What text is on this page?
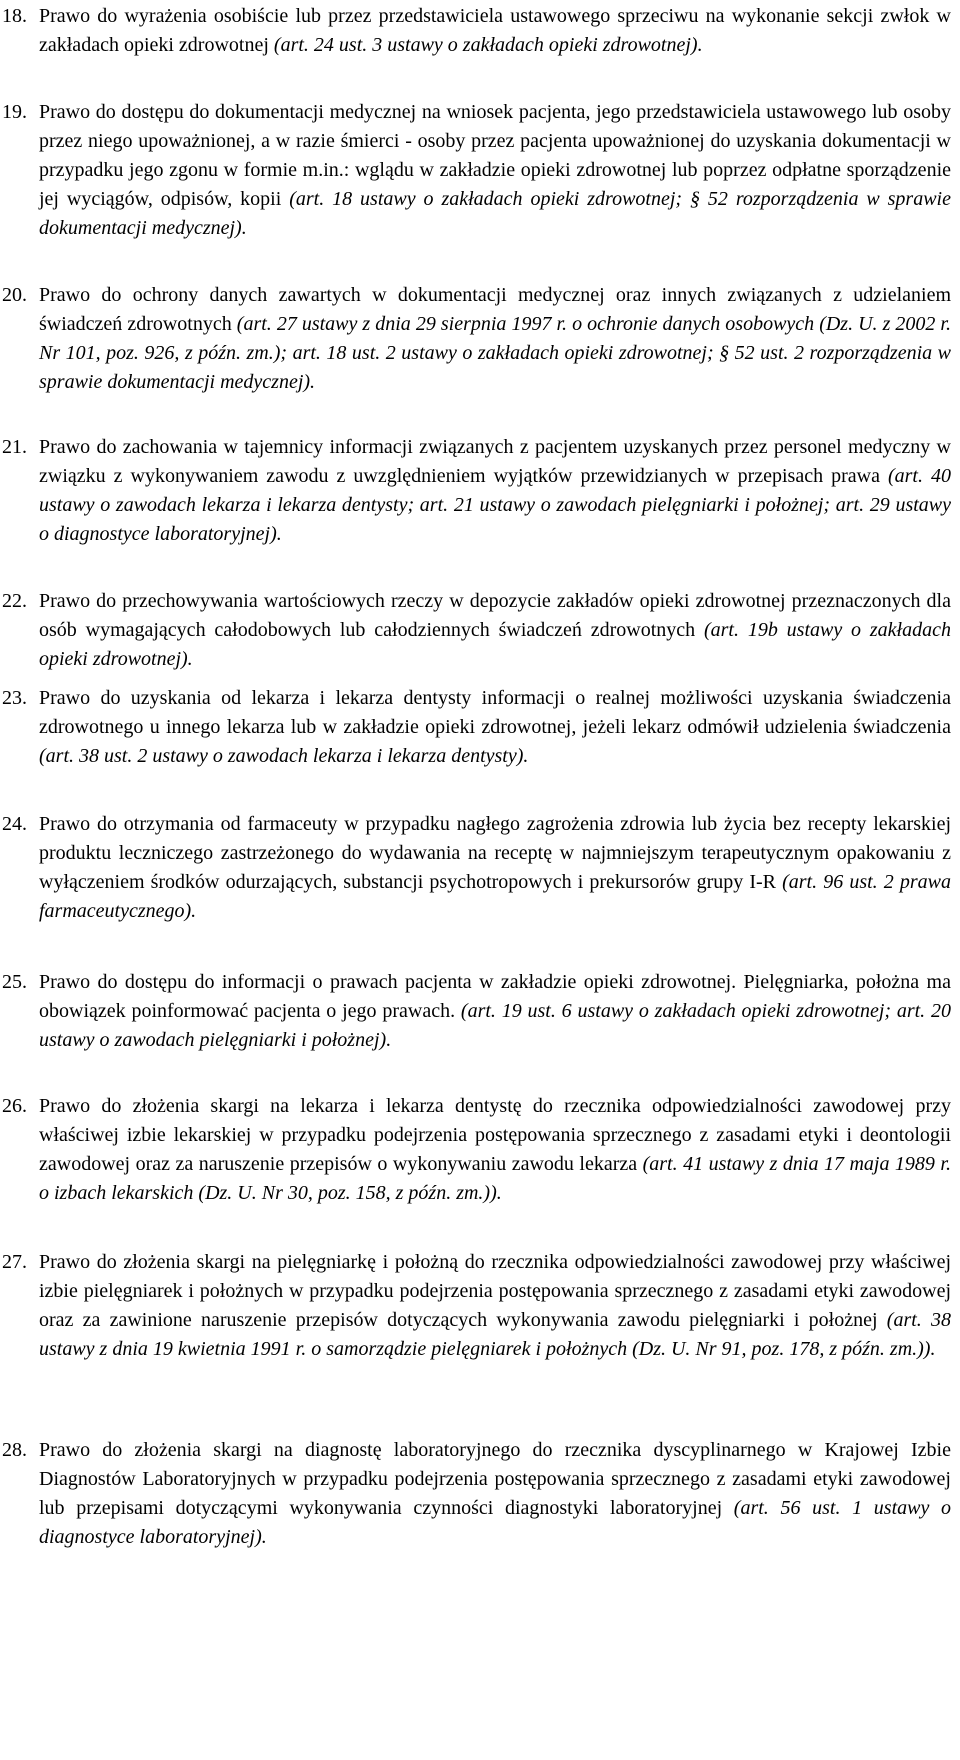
18. Prawo do wyrażenia osobiście lub przez przedstawiciela ustawowego sprzeciwu na wykonanie sekcji zwłok w zakładach opieki zdrowotnej (art. 24 ust. 3 ustawy o zakładach opieki zdrowotnej).
19. Prawo do dostępu do dokumentacji medycznej na wniosek pacjenta, jego przedstawiciela ustawowego lub osoby przez niego upoważnionej, a w razie śmierci - osoby przez pacjenta upoważnionej do uzyskania dokumentacji w przypadku jego zgonu w formie m.in.: wglądu w zakładzie opieki zdrowotnej lub poprzez odpłatne sporządzenie jej wyciągów, odpisów, kopii (art. 18 ustawy o zakładach opieki zdrowotnej; § 52 rozporządzenia w sprawie dokumentacji medycznej).
20. Prawo do ochrony danych zawartych w dokumentacji medycznej oraz innych związanych z udzielaniem świadczeń zdrowotnych (art. 27 ustawy z dnia 29 sierpnia 1997 r. o ochronie danych osobowych (Dz. U. z 2002 r. Nr 101, poz. 926, z późn. zm.); art. 18 ust. 2 ustawy o zakładach opieki zdrowotnej; § 52 ust. 2 rozporządzenia w sprawie dokumentacji medycznej).
21. Prawo do zachowania w tajemnicy informacji związanych z pacjentem uzyskanych przez personel medyczny w związku z wykonywaniem zawodu z uwzględnieniem wyjątków przewidzianych w przepisach prawa (art. 40 ustawy o zawodach lekarza i lekarza dentysty; art. 21 ustawy o zawodach pielęgniarki i położnej; art. 29 ustawy o diagnostyce laboratoryjnej).
22. Prawo do przechowywania wartościowych rzeczy w depozycie zakładów opieki zdrowotnej przeznaczonych dla osób wymagających całodobowych lub całodziennych świadczeń zdrowotnych (art. 19b ustawy o zakładach opieki zdrowotnej).
23. Prawo do uzyskania od lekarza i lekarza dentysty informacji o realnej możliwości uzyskania świadczenia zdrowotnego u innego lekarza lub w zakładzie opieki zdrowotnej, jeżeli lekarz odmówił udzielenia świadczenia (art. 38 ust. 2 ustawy o zawodach lekarza i lekarza dentysty).
24. Prawo do otrzymania od farmaceuty w przypadku nagłego zagrożenia zdrowia lub życia bez recepty lekarskiej produktu leczniczego zastrzeżonego do wydawania na receptę w najmniejszym terapeutycznym opakowaniu z wyłączeniem środków odurzających, substancji psychotropowych i prekursorów grupy I-R (art. 96 ust. 2 prawa farmaceutycznego).
25. Prawo do dostępu do informacji o prawach pacjenta w zakładzie opieki zdrowotnej. Pielęgniarka, położna ma obowiązek poinformować pacjenta o jego prawach. (art. 19 ust. 6 ustawy o zakładach opieki zdrowotnej; art. 20 ustawy o zawodach pielęgniarki i położnej).
26. Prawo do złożenia skargi na lekarza i lekarza dentystę do rzecznika odpowiedzialności zawodowej przy właściwej izbie lekarskiej w przypadku podejrzenia postępowania sprzecznego z zasadami etyki i deontologii zawodowej oraz za naruszenie przepisów o wykonywaniu zawodu lekarza (art. 41 ustawy z dnia 17 maja 1989 r. o izbach lekarskich (Dz. U. Nr 30, poz. 158, z późn. zm.)).
27. Prawo do złożenia skargi na pielęgniarkę i położną do rzecznika odpowiedzialności zawodowej przy właściwej izbie pielęgniarek i położnych w przypadku podejrzenia postępowania sprzecznego z zasadami etyki zawodowej oraz za zawinione naruszenie przepisów dotyczących wykonywania zawodu pielęgniarki i położnej (art. 38 ustawy z dnia 19 kwietnia 1991 r. o samorządzie pielęgniarek i położnych (Dz. U. Nr 91, poz. 178, z późn. zm.)).
28. Prawo do złożenia skargi na diagnostę laboratoryjnego do rzecznika dyscyplinarnego w Krajowej Izbie Diagnostów Laboratoryjnych w przypadku podejrzenia postępowania sprzecznego z zasadami etyki zawodowej lub przepisami dotyczącymi wykonywania czynności diagnostyki laboratoryjnej (art. 56 ust. 1 ustawy o diagnostyce laboratoryjnej).
